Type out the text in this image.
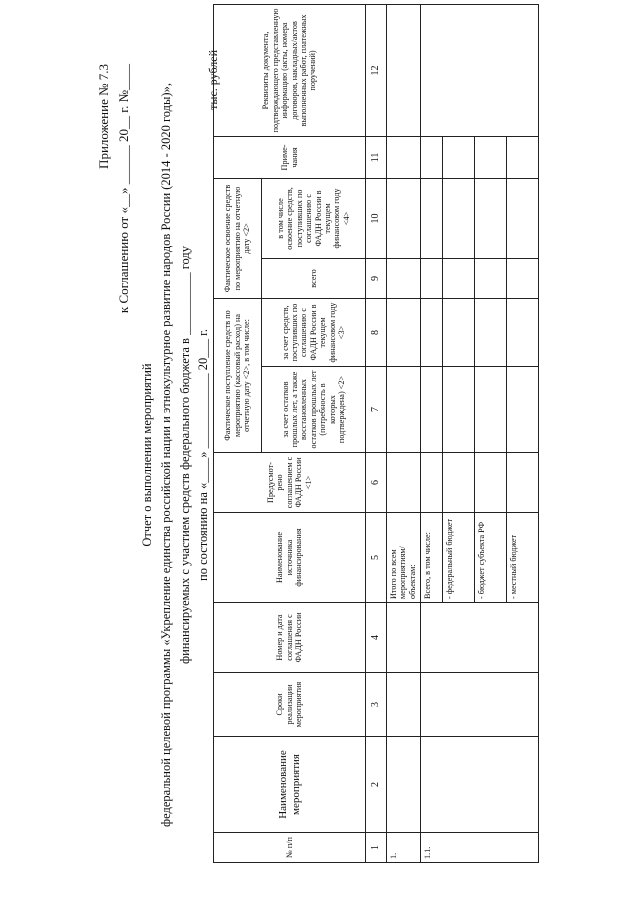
Приложение № 7.3 к Соглашению от «__» ______ 20__ г. №____
Отчет о выполнении мероприятий федеральной целевой программы «Укрепление единства российской нации и этнокультурное развитие народов России (2014 - 2020 годы)», финансируемых с участием средств федерального бюджета в __________ году по состоянию на «____» ____________ 20___ г.
тыс. рублей
№ п/п	Наименование мероприятия	Сроки реализации мероприятия	Номер и дата соглашения с ФАДН России	Наименование источника финансирования	Предусмот-рено соглашением с ФАДН России <1>	Фактическое поступление средств по мероприятию (кассовый расход) на отчетную дату <2>, в том числе:		Фактическое освоение средств по мероприятию на отчетную дату <2>		Приме-чания	Реквизиты документа, подтверждающего представленную информацию (акты, номера договоров, накладных/актов выполненных работ, платежных поручений)
						за счет остатков прошлых лет, а также восстановленных остатков прошлых лет (потребность в которых подтверждена) <2>	за счет средств, поступивших по соглашению с ФАДН России в текущем финансовом году <3>	всего	в том числе освоение средств, поступивших по соглашению с ФАДН России в текущем финансовом году <4>		
1	2	3	4	5	6	7	8	9	10	11	12
1.				Итого по всем мероприятиям/ объектам:							
1.1.				Всего, в том числе:							
				- федеральный бюджет							
				- бюджет субъекта РФ							
				- местный бюджет							
